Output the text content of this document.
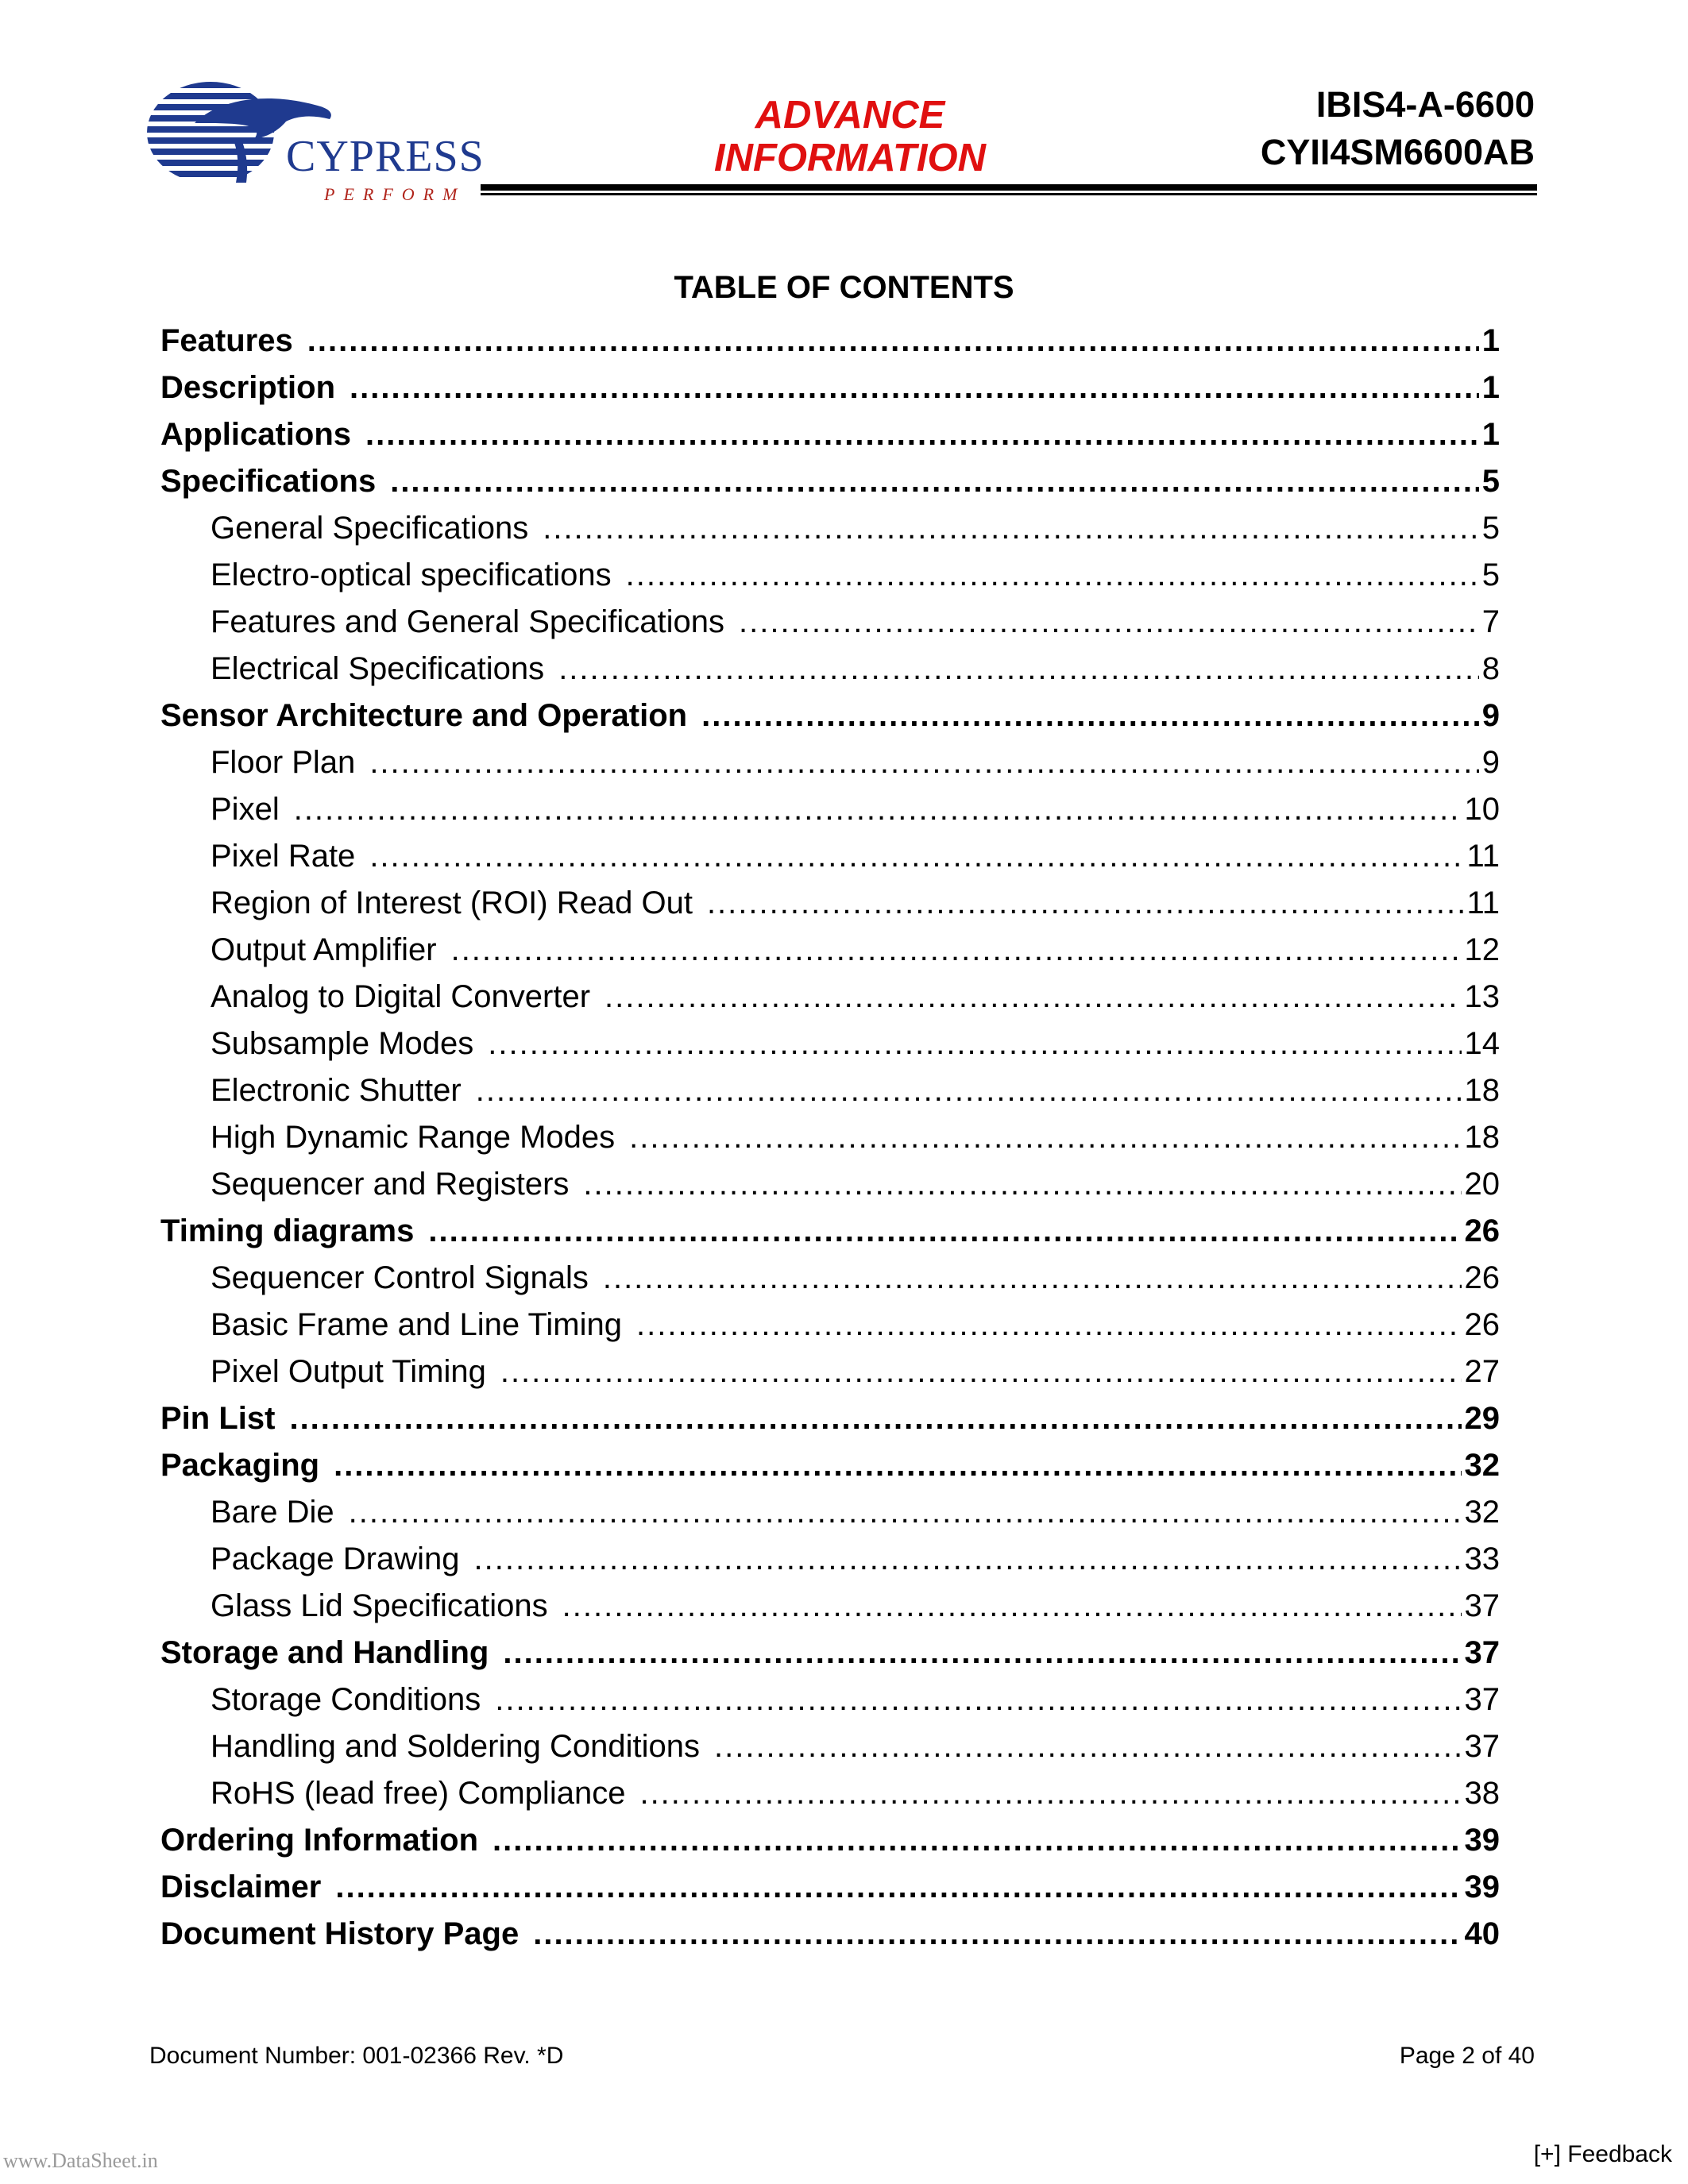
CYPRESS
PERFORM
ADVANCE
INFORMATION
IBIS4-A-6600
CYII4SM6600AB
TABLE OF CONTENTS
Features .....	1
Description .....	1
Applications .....	1
Specifications .....	5
General Specifications .....	5
Electro-optical specifications .....	5
Features and General Specifications .....	7
Electrical Specifications .....	8
Sensor Architecture and Operation .....	9
Floor Plan .....	9
Pixel .....	10
Pixel Rate .....	11
Region of Interest (ROI) Read Out .....	11
Output Amplifier .....	12
Analog to Digital Converter .....	13
Subsample Modes .....	14
Electronic Shutter .....	18
High Dynamic Range Modes .....	18
Sequencer and Registers .....	20
Timing diagrams .....	26
Sequencer Control Signals .....	26
Basic Frame and Line Timing .....	26
Pixel Output Timing .....	27
Pin List .....	29
Packaging .....	32
Bare Die .....	32
Package Drawing .....	33
Glass Lid Specifications .....	37
Storage and Handling .....	37
Storage Conditions .....	37
Handling and Soldering Conditions .....	37
RoHS (lead free) Compliance .....	38
Ordering Information .....	39
Disclaimer .....	39
Document History Page .....	40
Document Number: 001-02366 Rev. *D	Page 2 of 40
www.DataSheet.in	[+] Feedback
